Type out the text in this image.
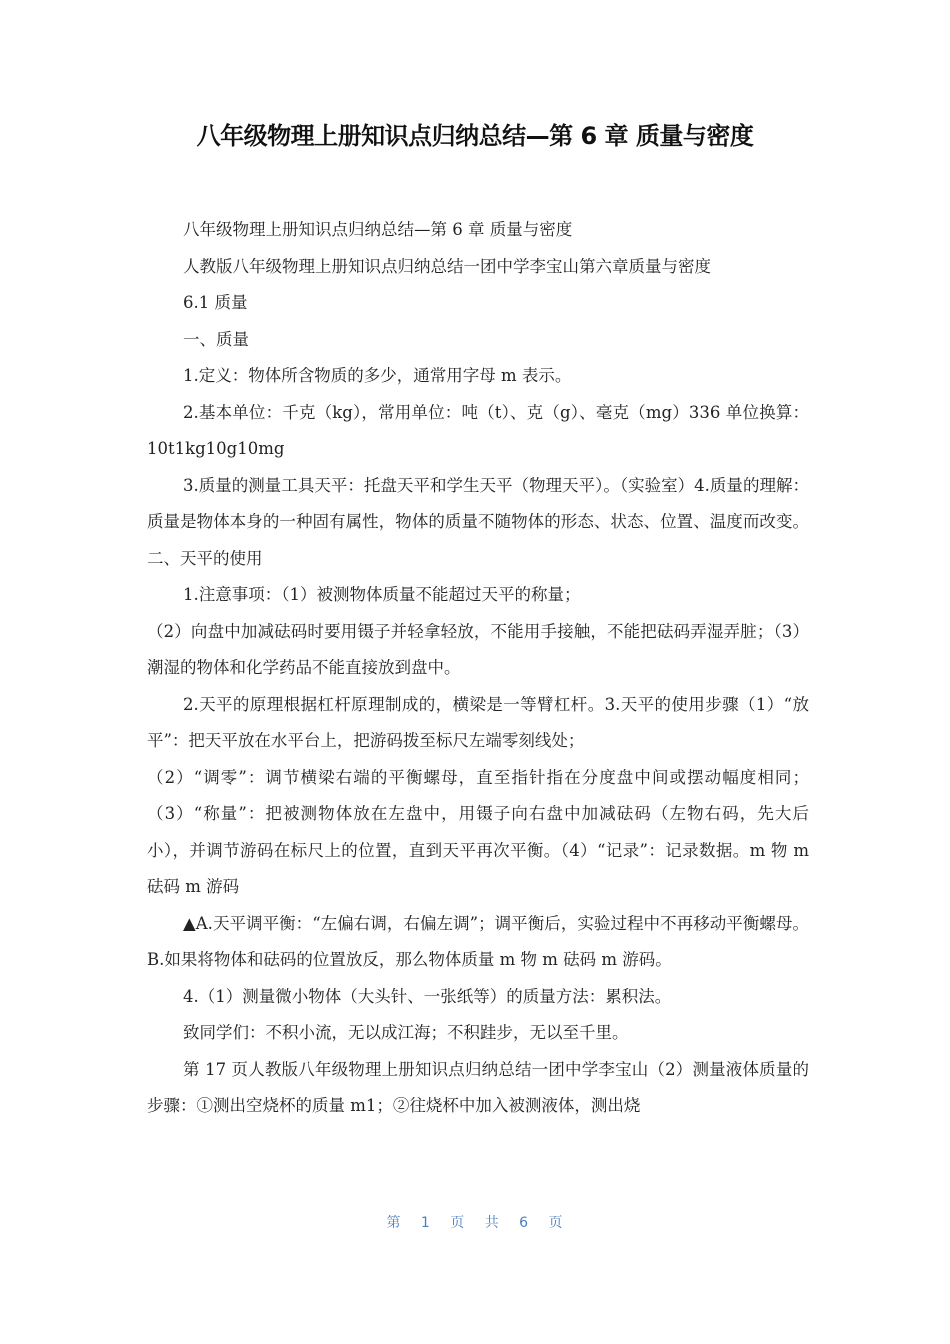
八年级物理上册知识点归纳总结—第 6 章 质量与密度

八年级物理上册知识点归纳总结—第 6 章 质量与密度

人教版八年级物理上册知识点归纳总结一团中学李宝山第六章质量与密度

6.1 质量

一、质量

1.定义：物体所含物质的多少，通常用字母 m 表示。

2.基本单位：千克（kg），常用单位：吨（t）、克（g）、毫克（mg）336 单位换算：10t1kg10g10mg

3.质量的测量工具天平：托盘天平和学生天平（物理天平）。（实验室）4.质量的理解：质量是物体本身的一种固有属性，物体的质量不随物体的形态、状态、位置、温度而改变。二、天平的使用

1.注意事项：（1）被测物体质量不能超过天平的称量；

（2）向盘中加减砝码时要用镊子并轻拿轻放，不能用手接触，不能把砝码弄湿弄脏；（3）潮湿的物体和化学药品不能直接放到盘中。

2.天平的原理根据杠杆原理制成的，横梁是一等臂杠杆。3.天平的使用步骤（1）“放平”：把天平放在水平台上，把游码拨至标尺左端零刻线处；

（2）“调零”：调节横梁右端的平衡螺母，直至指针指在分度盘中间或摆动幅度相同；（3）“称量”：把被测物体放在左盘中，用镊子向右盘中加减砝码（左物右码，先大后小），并调节游码在标尺上的位置，直到天平再次平衡。（4）“记录”：记录数据。m 物 m 砝码 m 游码

▲A.天平调平衡：“左偏右调，右偏左调”；调平衡后，实验过程中不再移动平衡螺母。B.如果将物体和砝码的位置放反，那么物体质量 m 物 m 砝码 m 游码。

4.（1）测量微小物体（大头针、一张纸等）的质量方法：累积法。

致同学们：不积小流，无以成江海；不积跬步，无以至千里。

第 17 页人教版八年级物理上册知识点归纳总结一团中学李宝山（2）测量液体质量的步骤：①测出空烧杯的质量 m1；②往烧杯中加入被测液体，测出烧

第 1 页 共 6 页
